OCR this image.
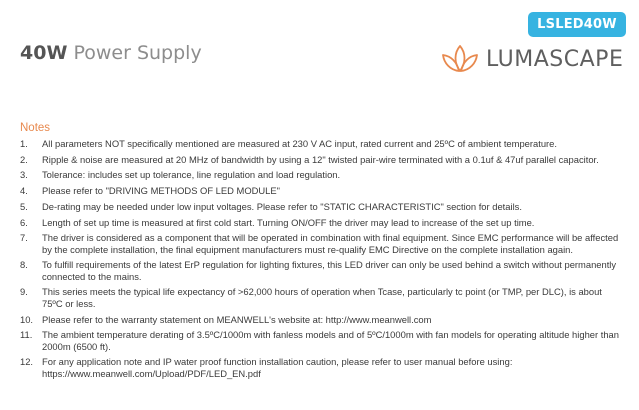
LSLED40W
40W Power Supply	LUMASCAPE
Notes
1. All parameters NOT specifically mentioned are measured at 230 V AC input, rated current and 25ºC of ambient temperature.
2. Ripple & noise are measured at 20 MHz of bandwidth by using a 12" twisted pair-wire terminated with a 0.1uf & 47uf parallel capacitor.
3. Tolerance: includes set up tolerance, line regulation and load regulation.
4. Please refer to "DRIVING METHODS OF LED MODULE"
5. De-rating may be needed under low input voltages. Please refer to "STATIC CHARACTERISTIC" section for details.
6. Length of set up time is measured at first cold start. Turning ON/OFF the driver may lead to increase of the set up time.
7. The driver is considered as a component that will be operated in combination with final equipment. Since EMC performance will be affected by the complete installation, the final equipment manufacturers must re-qualify EMC Directive on the complete installation again.
8. To fulfill requirements of the latest ErP regulation for lighting fixtures, this LED driver can only be used behind a switch without permanently connected to the mains.
9. This series meets the typical life expectancy of >62,000 hours of operation when Tcase, particularly tc point (or TMP, per DLC), is about 75ºC or less.
10. Please refer to the warranty statement on MEANWELL's website at: http://www.meanwell.com
11. The ambient temperature derating of 3.5ºC/1000m with fanless models and of 5ºC/1000m with fan models for operating altitude higher than 2000m (6500 ft).
12. For any application note and IP water proof function installation caution, please refer to user manual before using: https://www.meanwell.com/Upload/PDF/LED_EN.pdf
